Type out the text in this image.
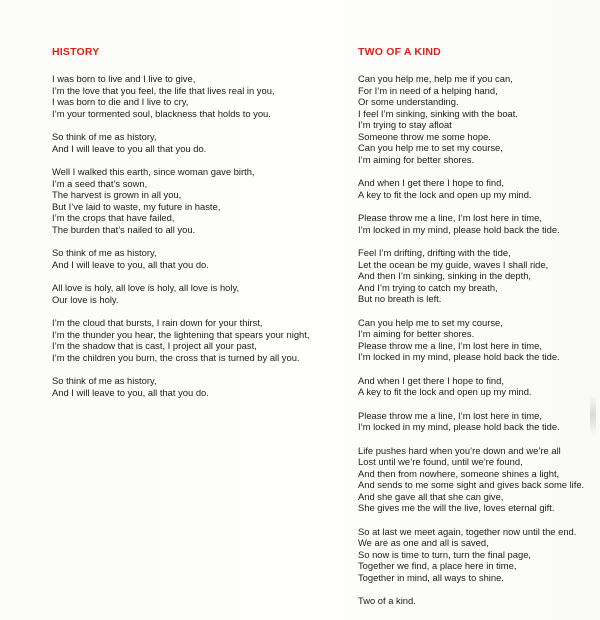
HISTORY
I was born to live and I live to give,
I’m the love that you feel, the life that lives real in you,
I was born to die and I live to cry,
I’m your tormented soul, blackness that holds to you.
So think of me as history,
And I will leave to you all that you do.
Well I walked this earth, since woman gave birth,
I’m a seed that’s sown,
The harvest is grown in all you,
But I’ve laid to waste, my future in haste,
I’m the crops that have failed,
The burden that’s nailed to all you.
So think of me as history,
And I will leave to you, all that you do.
All love is holy, all love is holy, all love is holy,
Our love is holy.
I’m the cloud that bursts, I rain down for your thirst,
I’m the thunder you hear, the lightening that spears your night,
I’m the shadow that is cast, I project all your past,
I’m the children you burn, the cross that is turned by all you.
So think of me as history,
And I will leave to you, all that you do.
TWO OF A KIND
Can you help me, help me if you can,
For I’m in need of a helping hand,
Or some understanding.
I feel I’m sinking, sinking with the boat.
I’m trying to stay afloat
Someone throw me some hope.
Can you help me to set my course,
I’m aiming for better shores.
And when I get there I hope to find,
A key to fit the lock and open up my mind.
Please throw me a line, I’m lost here in time,
I’m locked in my mind, please hold back the tide.
Feel I’m drifting, drifting with the tide,
Let the ocean be my guide, waves I shall ride,
And then I’m sinking, sinking in the depth,
And I’m trying to catch my breath,
But no breath is left.
Can you help me to set my course,
I’m aiming for better shores.
Please throw me a line, I’m lost here in time,
I’m locked in my mind, please hold back the tide.
And when I get there I hope to find,
A key to fit the lock and open up my mind.
Please throw me a line, I’m lost here in time,
I’m locked in my mind, please hold back the tide.
Life pushes hard when you’re down and we’re all
Lost until we’re found, until we’re found,
And then from nowhere, someone shines a light,
And sends to me some sight and gives back some life.
And she gave all that she can give,
She gives me the will the live, loves eternal gift.
So at last we meet again, together now until the end.
We are as one and all is saved,
So now is time to turn, turn the final page,
Together we find, a place here in time,
Together in mind, all ways to shine.
Two of a kind.
